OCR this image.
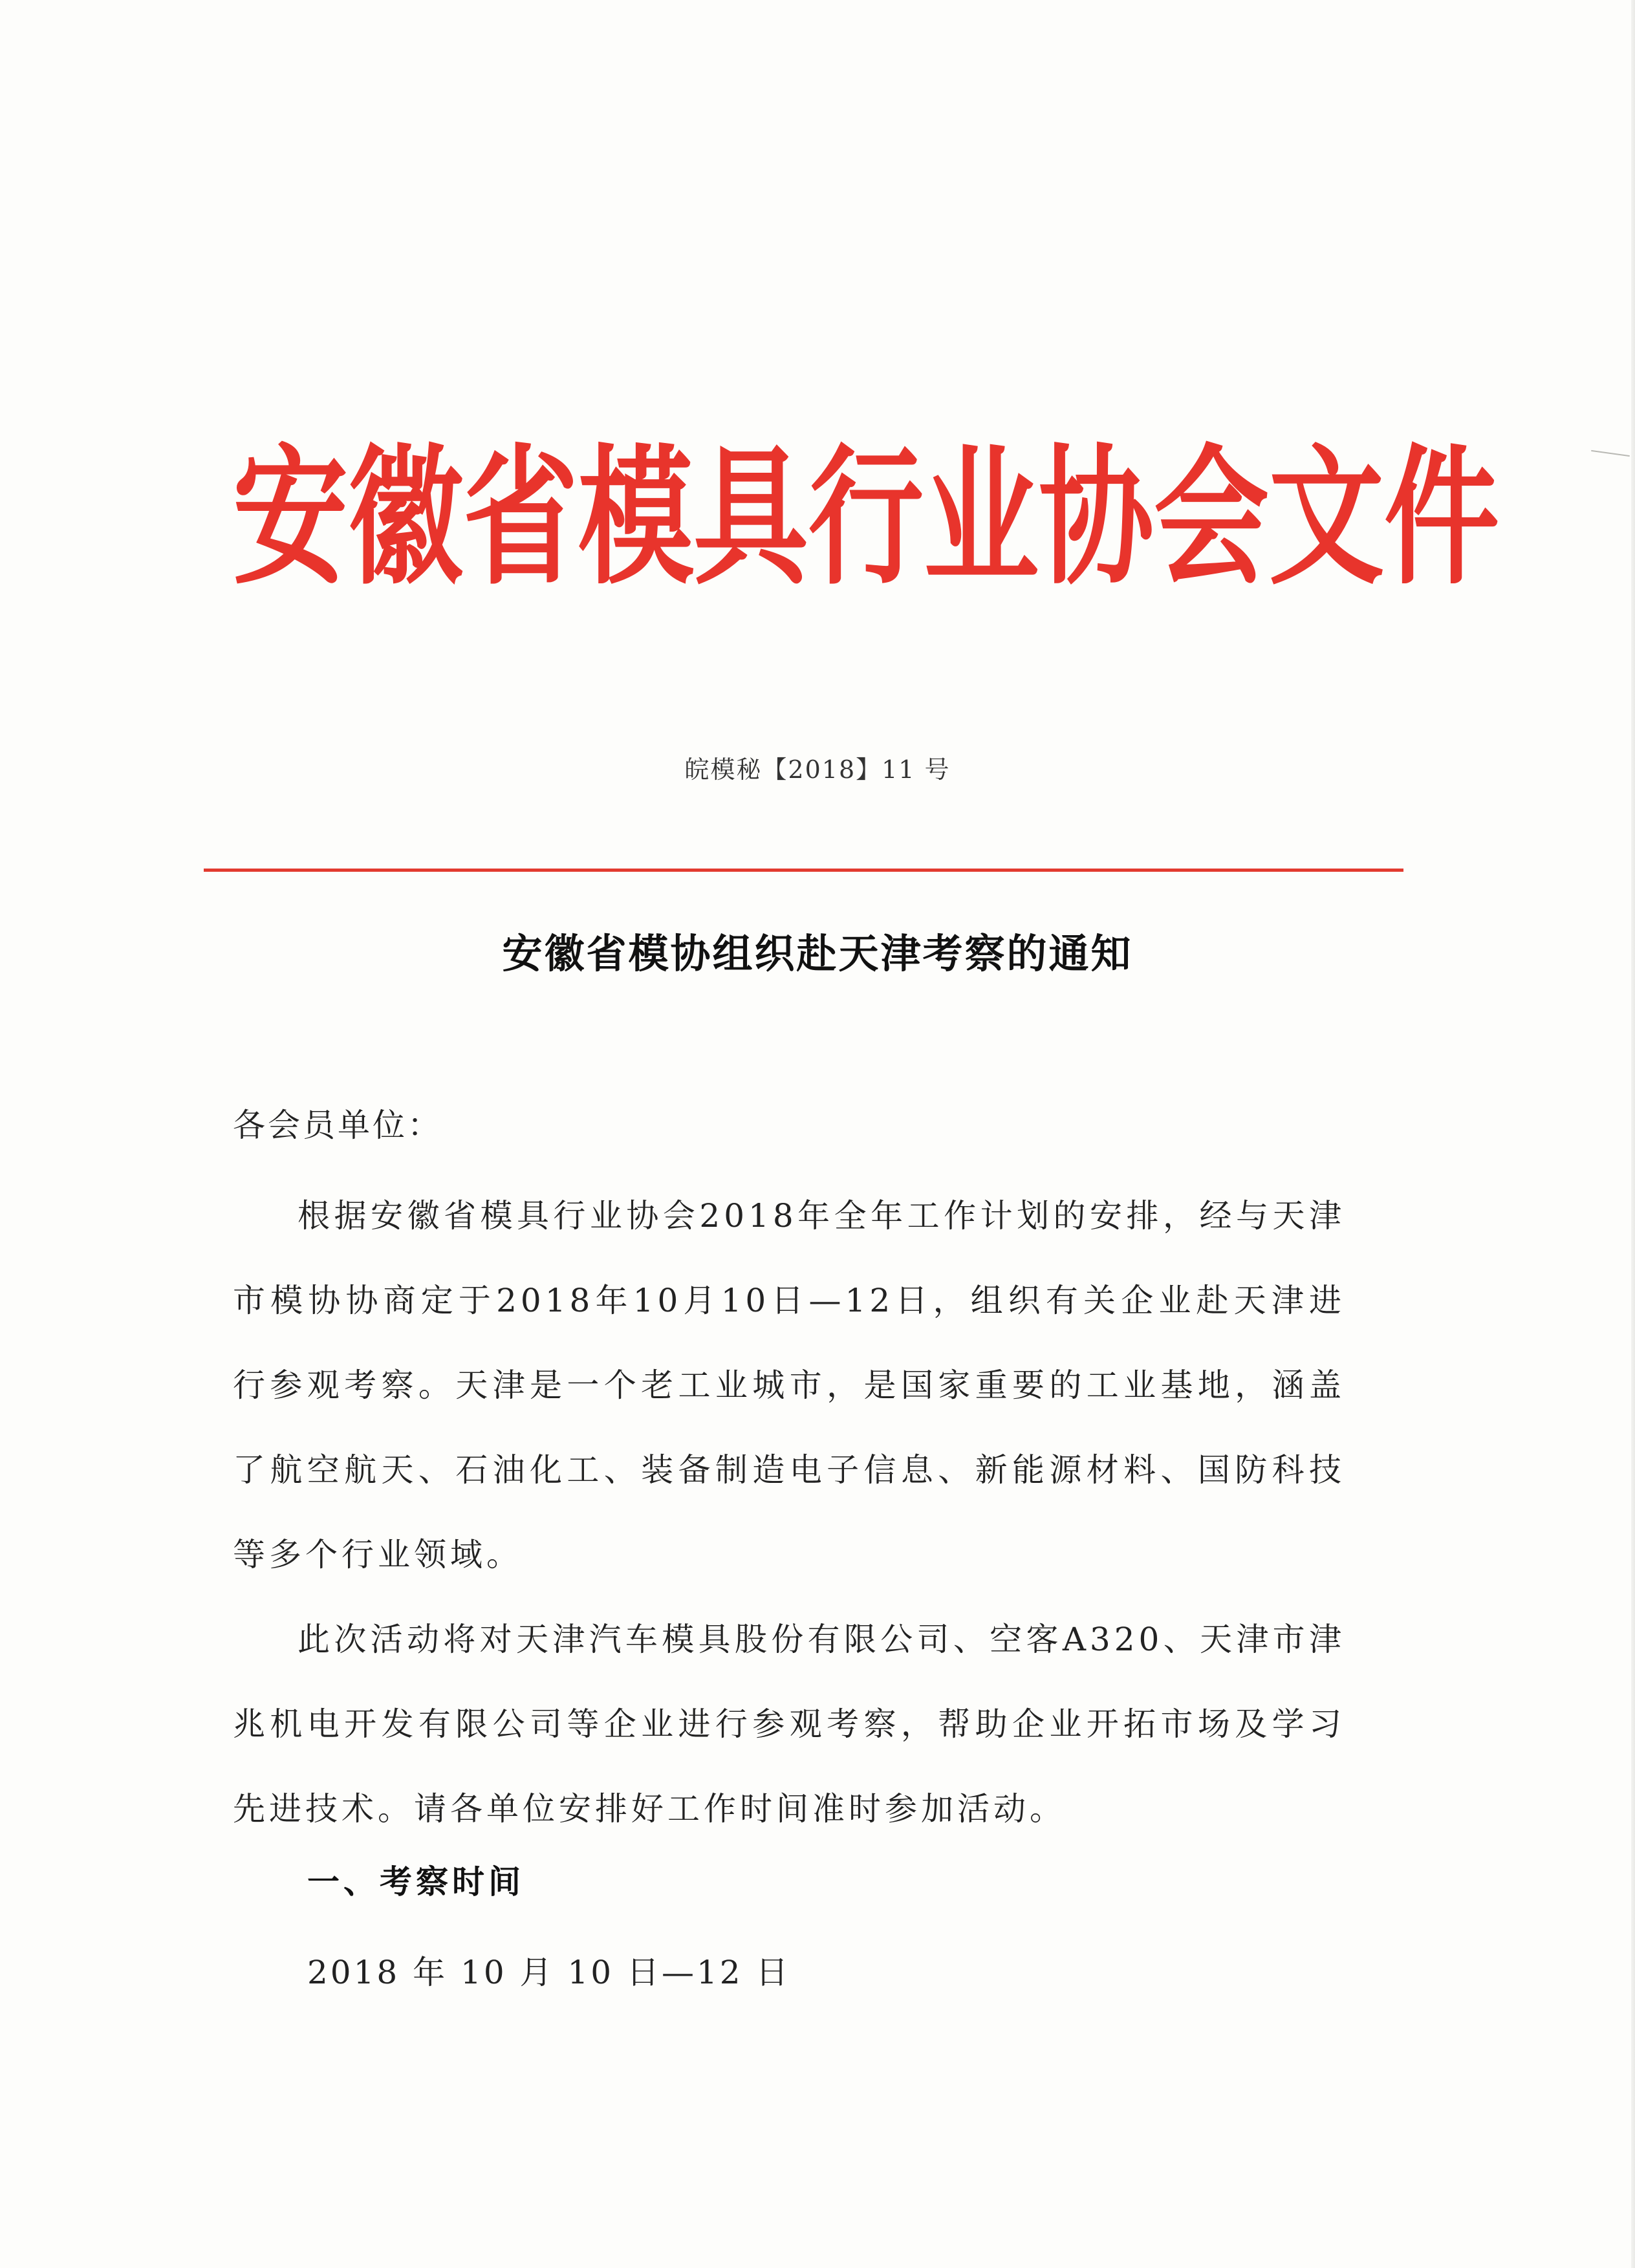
安徽省模具行业协会文件
皖模秘【2018】11 号
安徽省模协组织赴天津考察的通知
各会员单位：

根据安徽省模具行业协会2018年全年工作计划的安排，经与天津市模协协商定于2018年10月10日—12日，组织有关企业赴天津进行参观考察。天津是一个老工业城市，是国家重要的工业基地，涵盖了航空航天、石油化工、装备制造电子信息、新能源材料、国防科技等多个行业领域。

此次活动将对天津汽车模具股份有限公司、空客A320、天津市津兆机电开发有限公司等企业进行参观考察，帮助企业开拓市场及学习先进技术。请各单位安排好工作时间准时参加活动。

一、考察时间
2018 年 10 月 10 日—12 日
